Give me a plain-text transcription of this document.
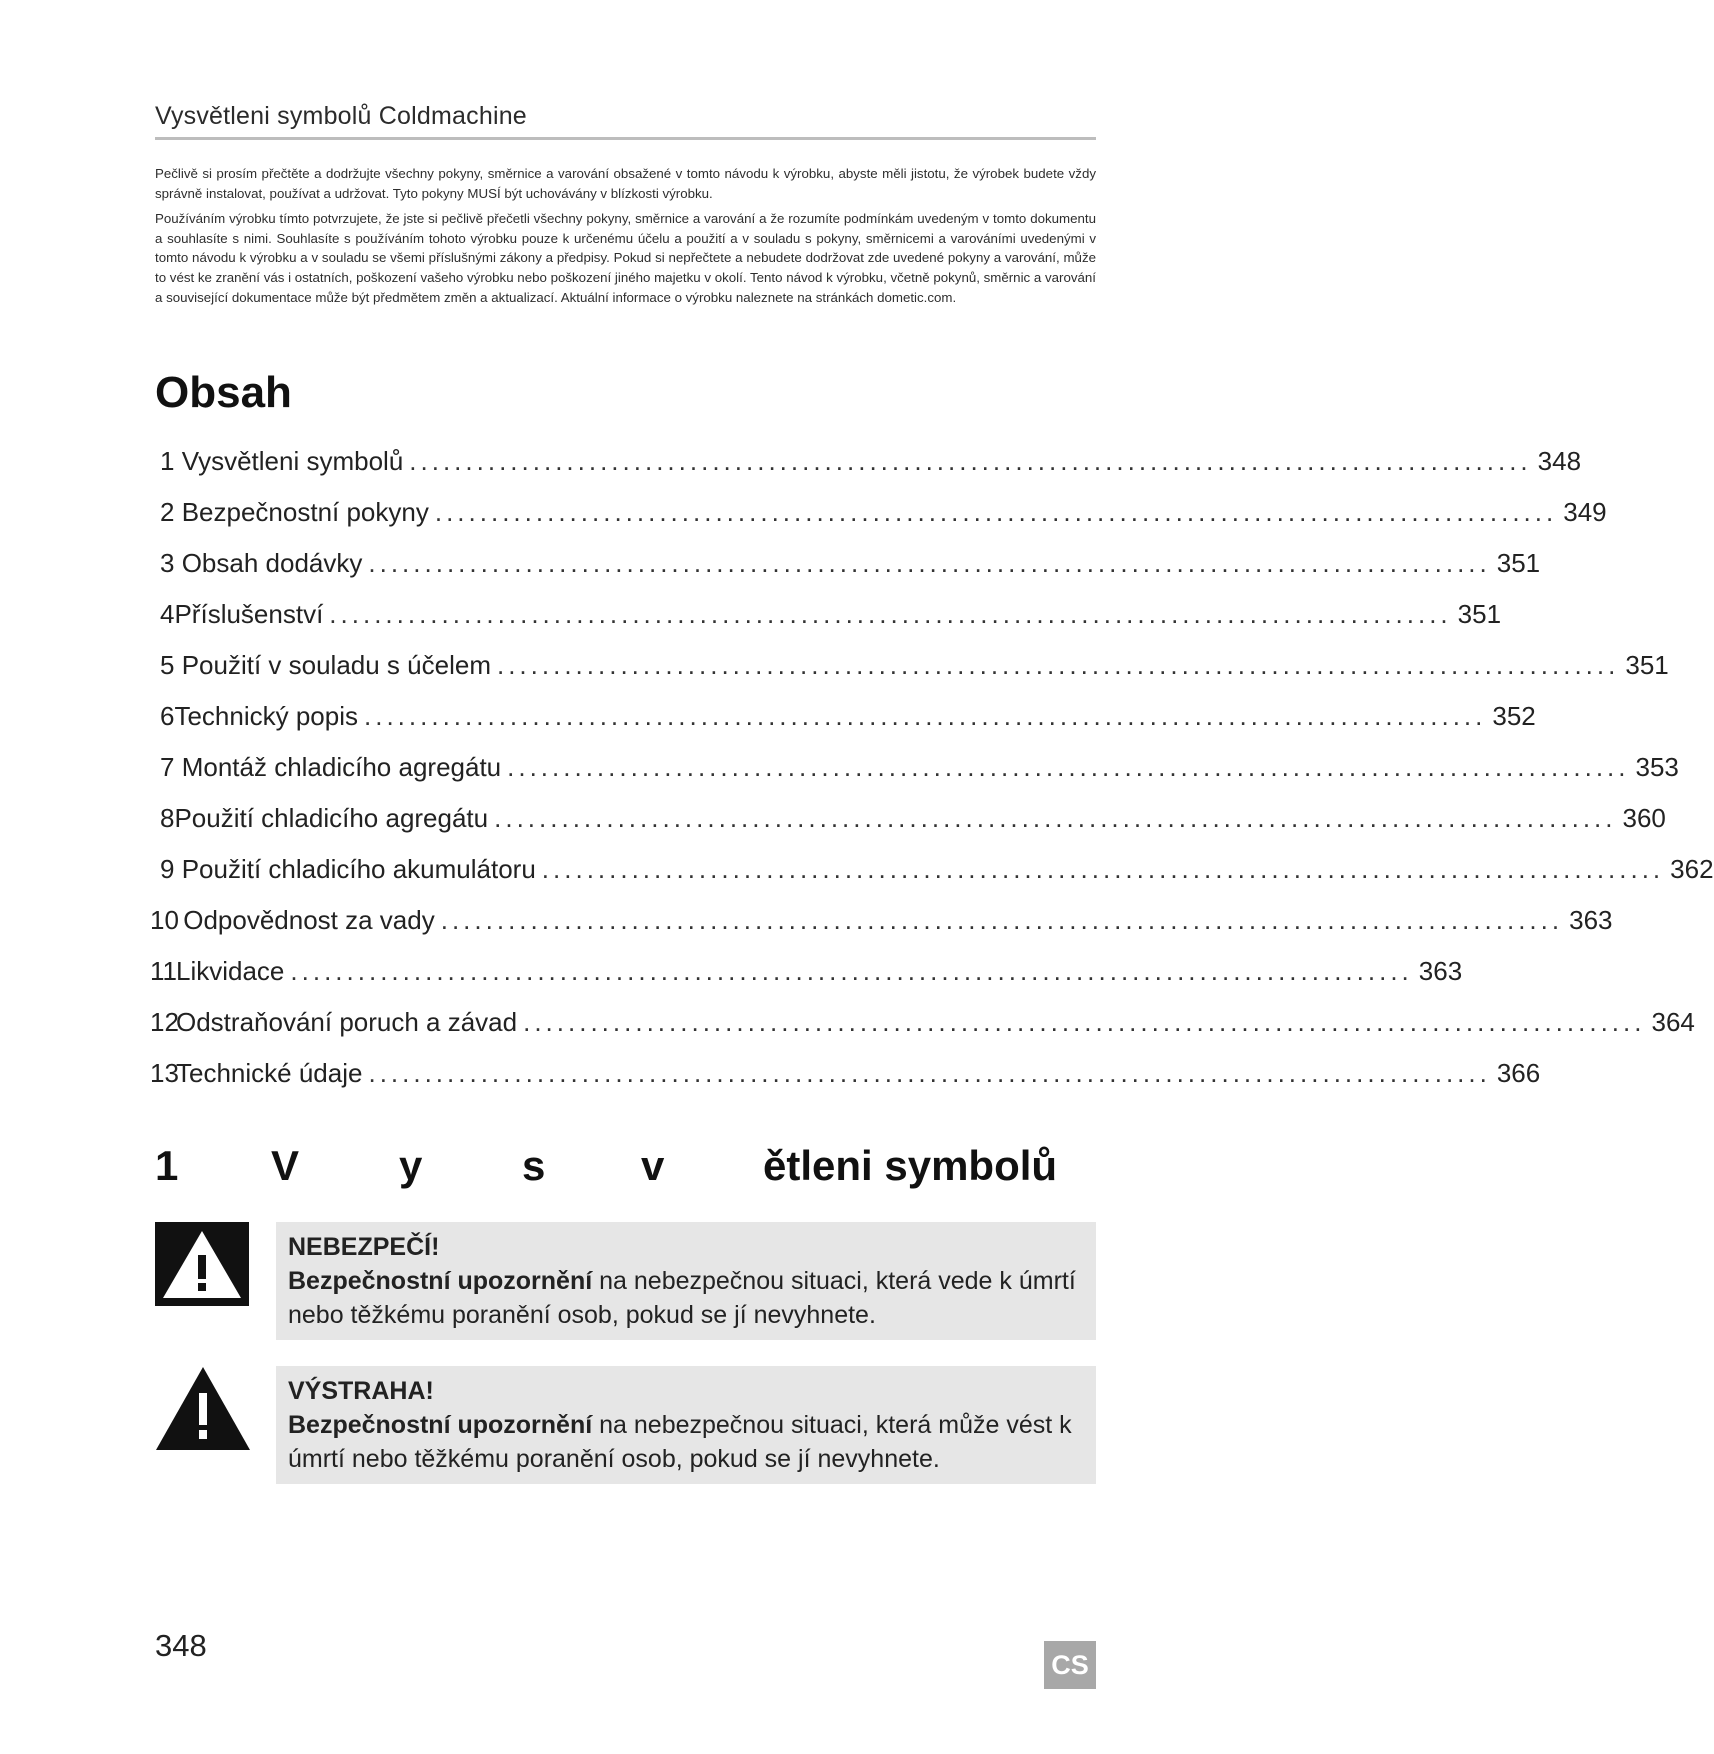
Vysvětleni symbolů Coldmachine

Pečlivě si prosím přečtěte a dodržujte všechny pokyny, směrnice a varování obsažené v tomto návodu k výrobku, abyste měli jistotu, že výrobek budete vždy správně instalovat, používat a udržovat. Tyto pokyny MUSÍ být uchovávány v blízkosti výrobku.

Používáním výrobku tímto potvrzujete, že jste si pečlivě přečetli všechny pokyny, směrnice a varování a že rozumíte podmínkám uvedeným v tomto dokumentu a souhlasíte s nimi. Souhlasíte s používáním tohoto výrobku pouze k určenému účelu a použití a v souladu s pokyny, směrnicemi a varováními uvedenými v tomto návodu k výrobku a v souladu se všemi příslušnými zákony a předpisy. Pokud si nepřečtete a nebudete dodržovat zde uvedené pokyny a varování, může to vést ke zranění vás i ostatních, poškození vašeho výrobku nebo poškození jiného majetku v okolí. Tento návod k výrobku, včetně pokynů, směrnic a varování a související dokumentace může být předmětem změn a aktualizací. Aktuální informace o výrobku naleznete na stránkách dometic.com.

Obsah
1
Vysvětleni symbolů .................................................................................................... 348
2
Bezpečnostní pokyny .................................................................................................... 349
3
Obsah dodávky .................................................................................................... 351
4 Příslušenství .................................................................................................... 351
5
Použití v souladu s účelem .................................................................................................... 351
6 Technický popis .................................................................................................... 352
7
Montáž chladicího agregátu .................................................................................................... 353
8 Použití chladicího agregátu .................................................................................................... 360
9
Použití chladicího akumulátoru .................................................................................................... 362
10
Odpovědnost za vady .................................................................................................... 363
11 Likvidace .................................................................................................... 363
12
Odstraňování poruch a závad .................................................................................................... 364
13
Technické údaje .................................................................................................... 366
1 V y s v ětleni symbolů
NEBEZPEČÍ!
Bezpečnostní upozornění na nebezpečnou situaci, která vede k úmrtí nebo těžkému poranění osob, pokud se jí nevyhnete.
VÝSTRAHA!
Bezpečnostní upozornění na nebezpečnou situaci, která může vést k úmrtí nebo těžkému poranění osob, pokud se jí nevyhnete.
348
CS
